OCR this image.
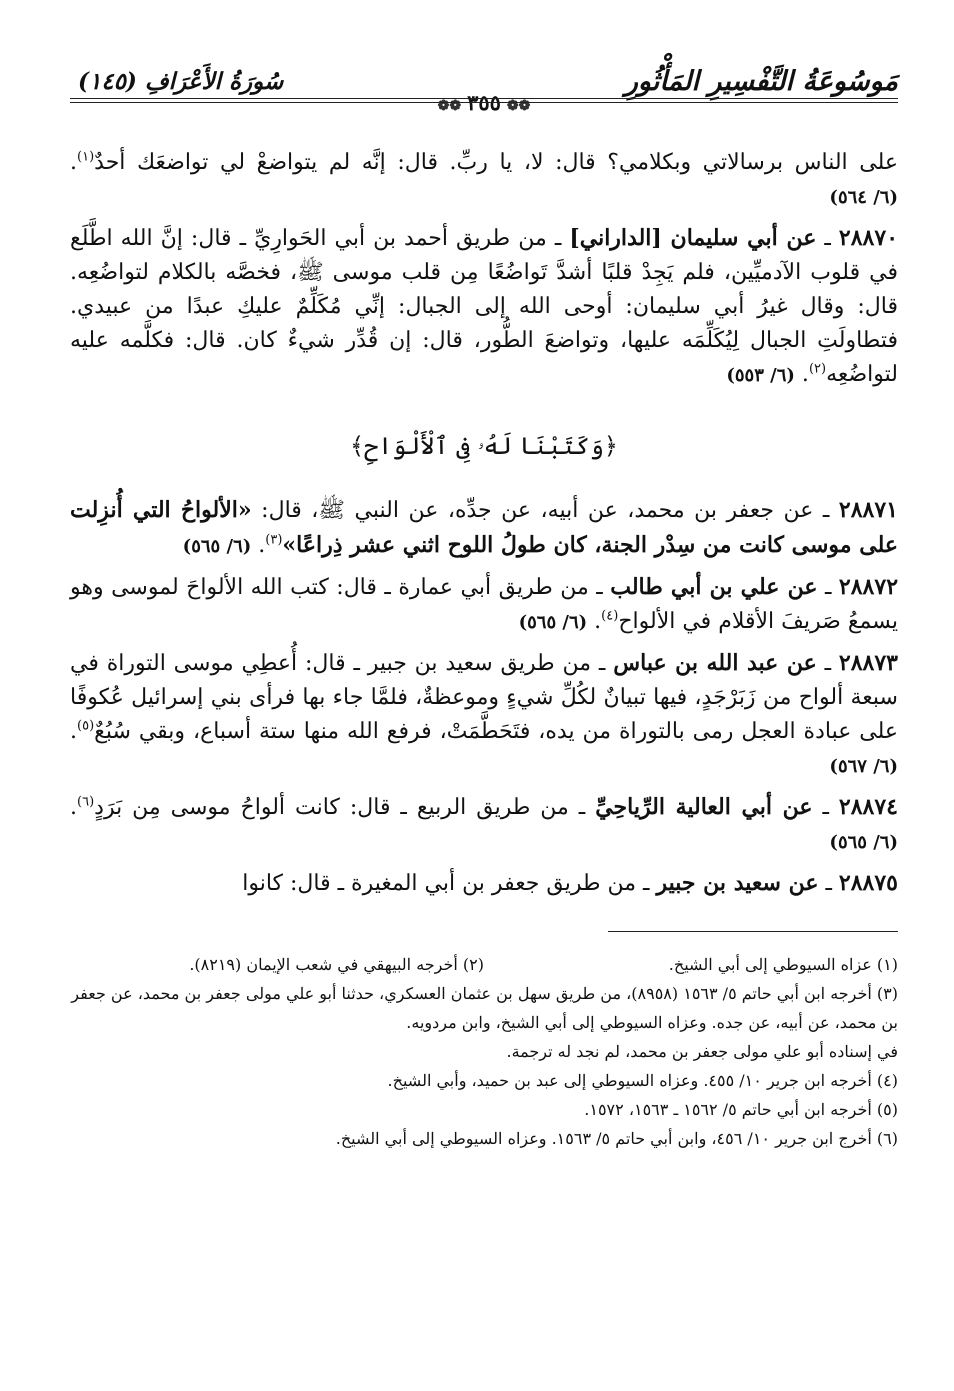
مَوسُوعَةُ التَّفْسِيرِ المَأْثُورِ
❁❁٣٥٥❁❁
سُورَةُ الأَعْرَافِ (١٤٥)

على الناس برسالاتي وبكلامي؟ قال: لا، يا ربِّ. قال: إنَّه لم يتواضعْ لي تواضعَك أحدٌ$^{(١)}$. (٦/ ٥٦٤)

٢٨٨٧٠ ـ عن أبي سليمان [الداراني] ـ من طريق أحمد بن أبي الحَوارِيِّ ـ قال: إنَّ الله اطَّلَع في قلوب الآدميِّين، فلم يَجِدْ قلبًا أشدَّ تَواضُعًا مِن قلب موسى ﷺ، فخصَّه بالكلام لتواضُعِه. قال: وقال غيرُ أبي سليمان: أوحى الله إلى الجبال: إنِّي مُكَلِّمٌ عليكِ عبدًا من عبيدي. فتطاولَتِ الجبال لِيُكَلِّمَه عليها، وتواضعَ الطُّور، قال: إن قُدِّر شيءٌ كان. قال: فكلَّمه عليه لتواضُعِه$^{(٢)}$. (٦/ ٥٥٣)

﴿وَكَتَبْنَا لَهُۥ فِى ٱلْأَلْوَاحِ﴾

٢٨٨٧١ ـ عن جعفر بن محمد، عن أبيه، عن جدِّه، عن النبي ﷺ، قال: «الألواحُ التي أُنزِلت على موسى كانت من سِدْر الجنة، كان طولُ اللوح اثني عشر ذِراعًا»$^{(٣)}$. (٦/ ٥٦٥)

٢٨٨٧٢ ـ عن علي بن أبي طالب ـ من طريق أبي عمارة ـ قال: كتب الله الألواحَ لموسى وهو يسمعُ صَريفَ الأقلام في الألواح$^{(٤)}$. (٦/ ٥٦٥)

٢٨٨٧٣ ـ عن عبد الله بن عباس ـ من طريق سعيد بن جبير ـ قال: أُعطِي موسى التوراة في سبعة ألواح من زَبَرْجَدٍ، فيها تبيانٌ لكُلِّ شيءٍ وموعظةٌ، فلمَّا جاء بها فرأى بني إسرائيل عُكوفًا على عبادة العجل رمى بالتوراة من يده، فتَحَطَّمَتْ، فرفع الله منها ستة أسباع، وبقي سُبُعٌ$^{(٥)}$. (٦/ ٥٦٧)

٢٨٨٧٤ ـ عن أبي العالية الرِّياحِيِّ ـ من طريق الربيع ـ قال: كانت ألواحُ موسى مِن بَرَدٍ$^{(٦)}$. (٦/ ٥٦٥)

٢٨٨٧٥ ـ عن سعيد بن جبير ـ من طريق جعفر بن أبي المغيرة ـ قال: كانوا

(١) عزاه السيوطي إلى أبي الشيخ.
(٢) أخرجه البيهقي في شعب الإيمان (٨٢١٩).

(٣) أخرجه ابن أبي حاتم ٥/ ١٥٦٣ (٨٩٥٨)، من طريق سهل بن عثمان العسكري، حدثنا أبو علي مولى جعفر بن محمد، عن جعفر بن محمد، عن أبيه، عن جده. وعزاه السيوطي إلى أبي الشيخ، وابن مردويه.

في إسناده أبو علي مولى جعفر بن محمد، لم نجد له ترجمة.

(٤) أخرجه ابن جرير ١٠/ ٤٥٥. وعزاه السيوطي إلى عبد بن حميد، وأبي الشيخ.

(٥) أخرجه ابن أبي حاتم ٥/ ١٥٦٢ ـ ١٥٦٣، ١٥٧٢.

(٦) أخرج ابن جرير ١٠/ ٤٥٦، وابن أبي حاتم ٥/ ١٥٦٣. وعزاه السيوطي إلى أبي الشيخ.
